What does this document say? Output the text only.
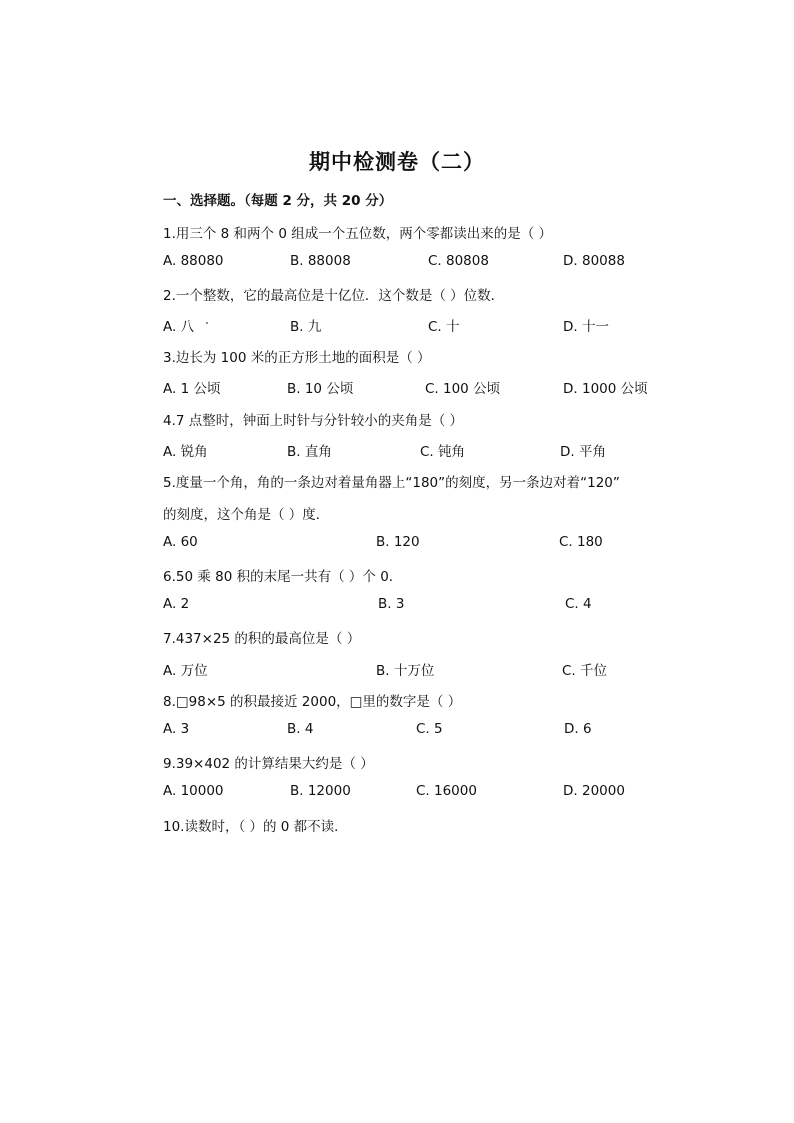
期中检测卷（二）
一、选择题。（每题 2 分，共 20 分）
1.用三个 8 和两个 0 组成一个五位数，两个零都读出来的是（ ）
A. 88080	B. 88008	C. 80808	D. 80088
2.一个整数，它的最高位是十亿位．这个数是（ ）位数．
A. 八	B. 九	C. 十	D. 十一
3.边长为 100 米的正方形土地的面积是（ ）
A. 1 公顷	B. 10 公顷	C. 100 公顷	D. 1000 公顷
4.7 点整时，钟面上时针与分针较小的夹角是（ ）
A. 锐角	B. 直角	C. 钝角	D. 平角
5.度量一个角，角的一条边对着量角器上“180”的刻度，另一条边对着“120”
的刻度，这个角是（ ）度．
A. 60	B. 120	C. 180
6.50 乘 80 积的末尾一共有（ ）个 0．
A. 2	B. 3	C. 4
7.437×25 的积的最高位是（ ）
A. 万位	B. 十万位	C. 千位
8.□98×5 的积最接近 2000，□里的数字是（ ）
A. 3	B. 4	C. 5	D. 6
9.39×402 的计算结果大约是（ ）
A. 10000	B. 12000	C. 16000	D. 20000
10.读数时，（ ）的 0 都不读．
